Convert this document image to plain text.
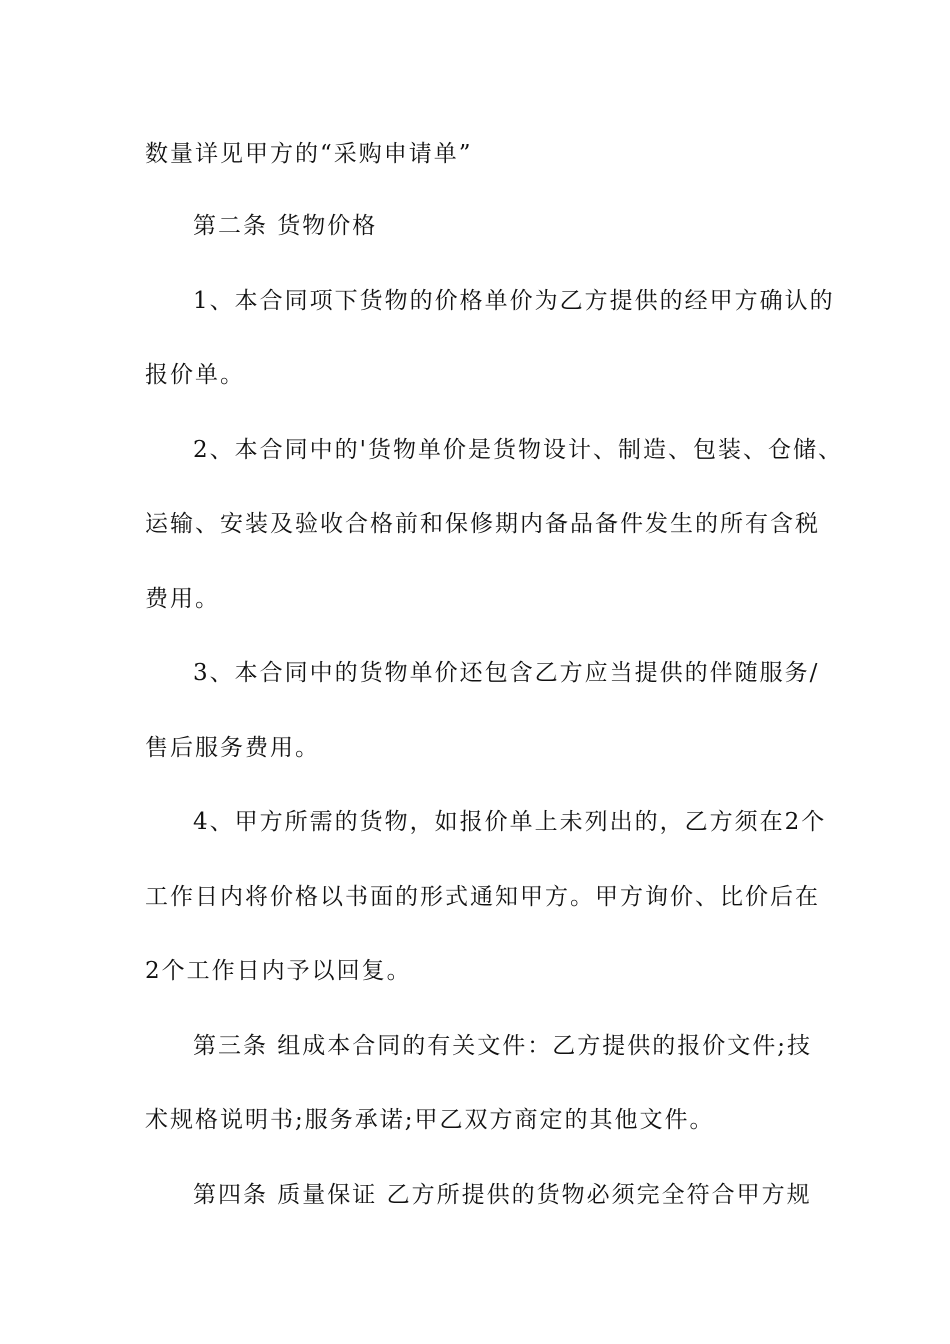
数量详见甲方的“采购申请单”
第二条 货物价格
1、本合同项下货物的价格单价为乙方提供的经甲方确认的
报价单。
2、本合同中的'货物单价是货物设计、制造、包装、仓储、
运输、安装及验收合格前和保修期内备品备件发生的所有含税
费用。
3、本合同中的货物单价还包含乙方应当提供的伴随服务/
售后服务费用。
4、甲方所需的货物，如报价单上未列出的，乙方须在2个
工作日内将价格以书面的形式通知甲方。甲方询价、比价后在
2个工作日内予以回复。
第三条 组成本合同的有关文件：乙方提供的报价文件;技
术规格说明书;服务承诺;甲乙双方商定的其他文件。
第四条 质量保证 乙方所提供的货物必须完全符合甲方规
